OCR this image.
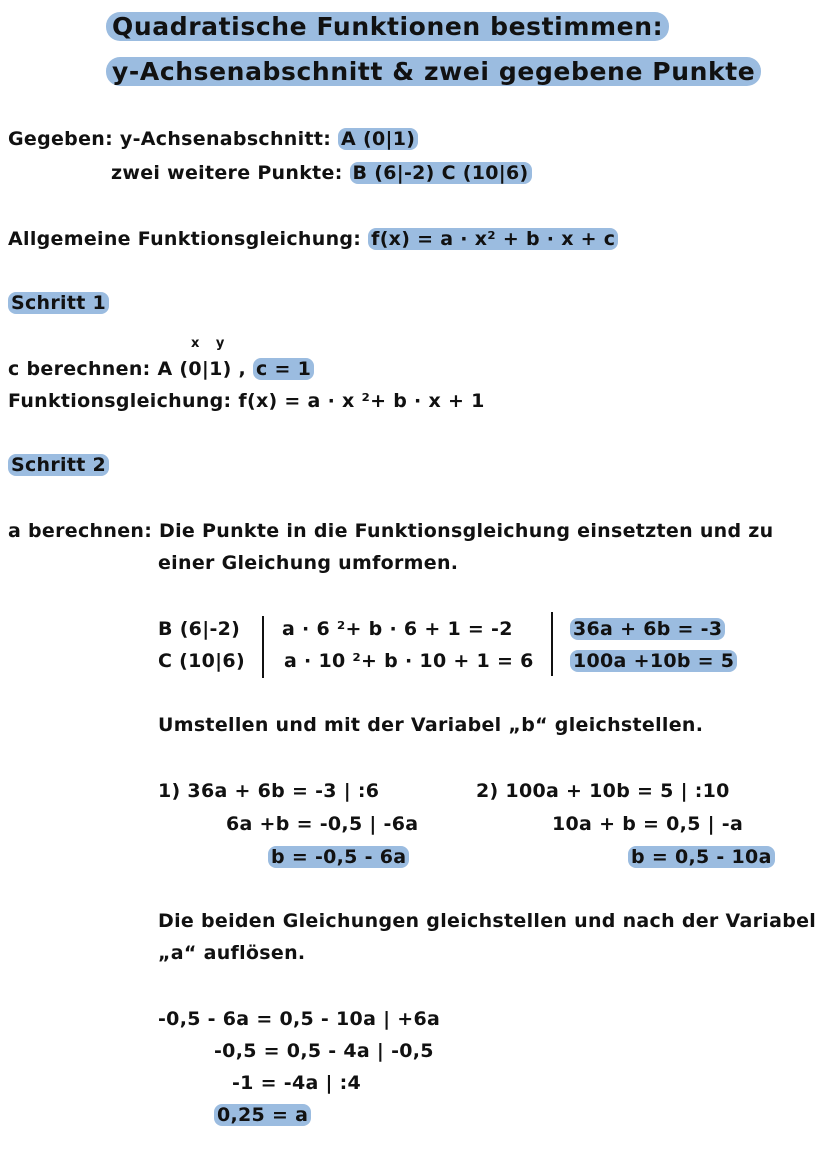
Quadratische Funktionen bestimmen:
y-Achsenabschnitt & zwei gegebene Punkte
Gegeben: y-Achsenabschnitt: A (0|1)
zwei weitere Punkte: B (6|-2) C (10|6)
Allgemeine Funktionsgleichung: f(x) = a · x² + b · x + c
Schritt 1
x y
c berechnen: A (0|1) , c = 1
Funktionsgleichung: f(x) = a · x ²+ b · x + 1
Schritt 2
a berechnen: Die Punkte in die Funktionsgleichung einsetzten und zu
einer Gleichung umformen.
B (6|-2)
C (10|6)
a · 6 ²+ b · 6 + 1 = -2
a · 10 ²+ b · 10 + 1 = 6
36a + 6b = -3
100a +10b = 5
Umstellen und mit der Variabel „b“ gleichstellen.
1) 36a + 6b = -3 | :6
6a +b = -0,5 | -6a
b = -0,5 - 6a
2) 100a + 10b = 5 | :10
10a + b = 0,5 | -a
b = 0,5 - 10a
Die beiden Gleichungen gleichstellen und nach der Variabel
„a“ auflösen.
-0,5 - 6a = 0,5 - 10a | +6a
-0,5 = 0,5 - 4a | -0,5
-1 = -4a | :4
0,25 = a
